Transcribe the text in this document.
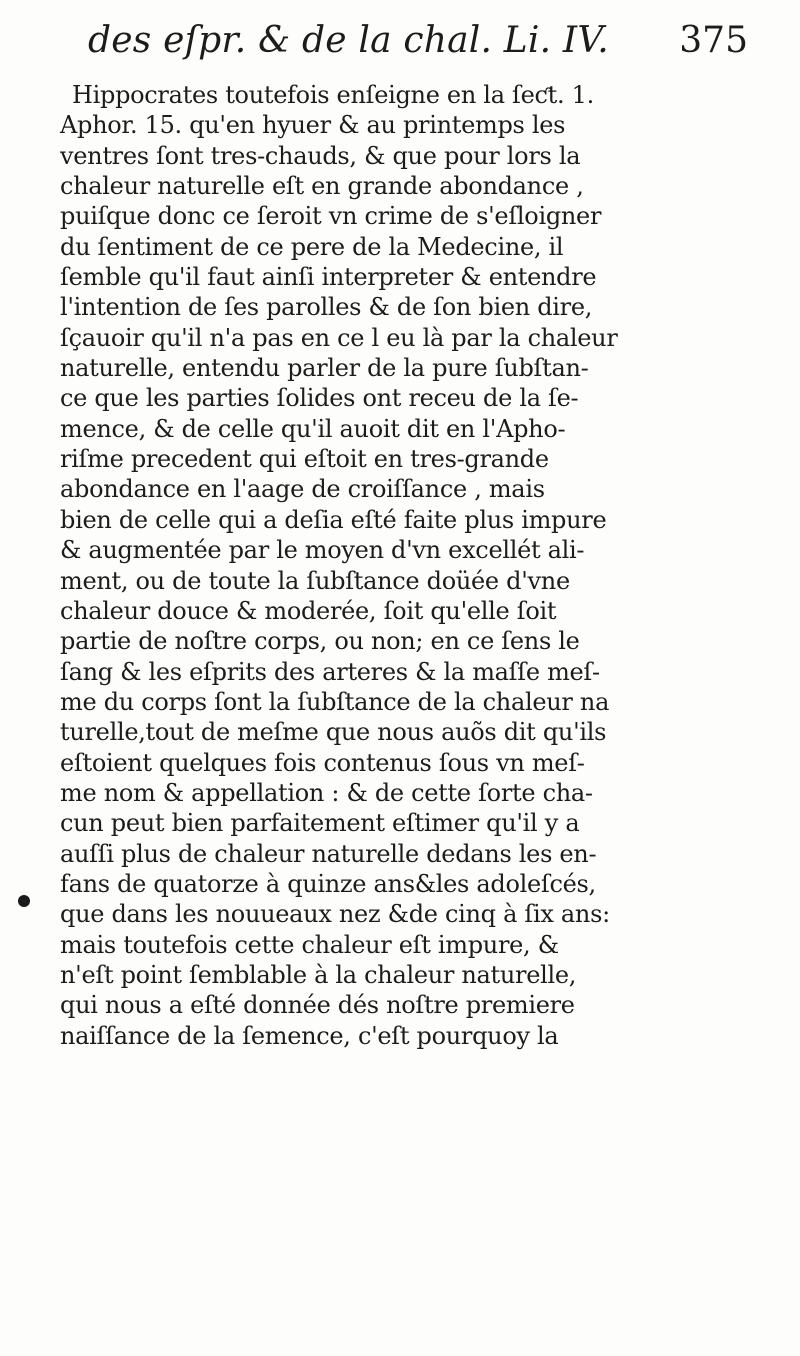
des eſpr. & de la chal. Li. IV. 375
Hippocrates toutefois enſeigne en la ſeƈt. 1.
Aphor. 15. qu'en hyuer & au printemps les
ventres ſont tres-chauds, & que pour lors la
chaleur naturelle eſt en grande abondance ,
puiſque donc ce ſeroit vn crime de s'eſloigner
du ſentiment de ce pere de la Medecine, il
ſemble qu'il faut ainſi interpreter & entendre
l'intention de ſes parolles & de ſon bien dire,
ſçauoir qu'il n'a pas en ce l eu là par la chaleur
naturelle, entendu parler de la pure ſubſtan-
ce que les parties ſolides ont receu de la ſe-
mence, & de celle qu'il auoit dit en l'Apho-
riſme precedent qui eſtoit en tres-grande
abondance en l'aage de croiſſance , mais
bien de celle qui a deſia eſté faite plus impure
& augmentée par le moyen d'vn excellét ali-
ment, ou de toute la ſubſtance doüée d'vne
chaleur douce & moderée, ſoit qu'elle ſoit
partie de noſtre corps, ou non; en ce ſens le
ſang & les eſprits des arteres & la maſſe meſ-
me du corps ſont la ſubſtance de la chaleur na
turelle,tout de meſme que nous auõs dit qu'ils
eſtoient quelques fois contenus ſous vn meſ-
me nom & appellation : & de cette ſorte cha-
cun peut bien parfaitement eſtimer qu'il y a
auſſi plus de chaleur naturelle dedans les en-
fans de quatorze à quinze ans&les adoleſcés,
que dans les nouueaux nez &de cinq à ſix ans:
mais toutefois cette chaleur eſt impure, &
n'eſt point ſemblable à la chaleur naturelle,
qui nous a eſté donnée dés noſtre premiere
naiſſance de la ſemence, c'eſt pourquoy la
